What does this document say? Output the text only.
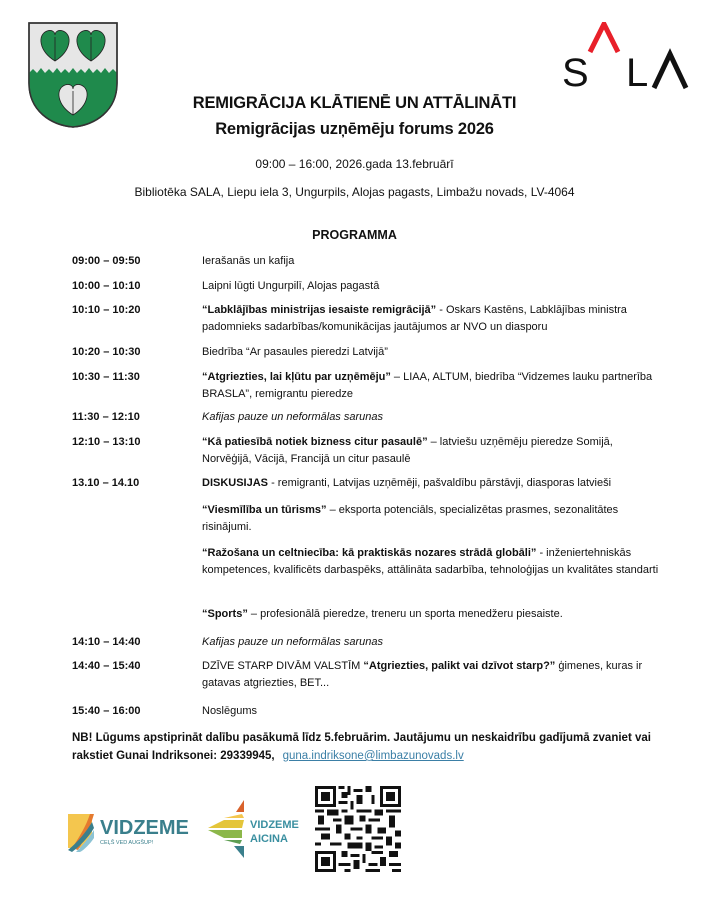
S L
REMIGRĀCIJA KLĀTIENĒ UN ATTĀLINĀTI
Remigrācijas uzņēmēju forums 2026
09:00 – 16:00, 2026.gada 13.februārī
Bibliotēka SALA, Liepu iela 3, Ungurpils, Alojas pagasts, Limbažu novads, LV-4064
PROGRAMMA
09:00 – 09:50	Ierašanās un kafija
10:00 – 10:10	Laipni lūgti Ungurpilī, Alojas pagastā
10:10 – 10:20	“Labklājības ministrijas iesaiste remigrācijā” - Oskars Kastēns, Labklājības ministra padomnieks sadarbības/komunikācijas jautājumos ar NVO un diasporu
10:20 – 10:30	Biedrība “Ar pasaules pieredzi Latvijā”
10:30 – 11:30	“Atgriezties, lai kļūtu par uzņēmēju” – LIAA, ALTUM, biedrība “Vidzemes lauku partnerība BRASLA”, remigrantu pieredze
11:30 – 12:10	Kafijas pauze un neformālas sarunas
12:10 – 13:10	“Kā patiesībā notiek bizness citur pasaulē” – latviešu uzņēmēju pieredze Somijā, Norvēģijā, Vācijā, Francijā un citur pasaulē
13.10 – 14.10	DISKUSIJAS - remigranti, Latvijas uzņēmēji, pašvaldību pārstāvji, diasporas latvieši
“Viesmīlība un tūrisms” – eksporta potenciāls, specializētas prasmes, sezonalitātes risinājumi.
“Ražošana un celtniecība: kā praktiskās nozares strādā globāli” - inženiertehniskās kompetences, kvalificēts darbaspēks, attālināta sadarbība, tehnoloģijas un kvalitātes standarti
“Sports” – profesionālā pieredze, treneru un sporta menedžeru piesaiste.
14:10 – 14:40	Kafijas pauze un neformālas sarunas
14:40 – 15:40	DZĪVE STARP DIVĀM VALSTĪM “Atgriezties, palikt vai dzīvot starp?” ģimenes, kuras ir gatavas atgriezties, BET...
15:40 – 16:00	Noslēgums
NB! Lūgums apstiprināt dalību pasākumā līdz 5.februārim. Jautājumu un neskaidrību gadījumā zvaniet vai rakstiet Gunai Indriksonei: 29339945, guna.indriksone@limbazunovads.lv
VIDZEME
CEĻŠ VED AUGŠUP!
VIDZEME
AICINA
